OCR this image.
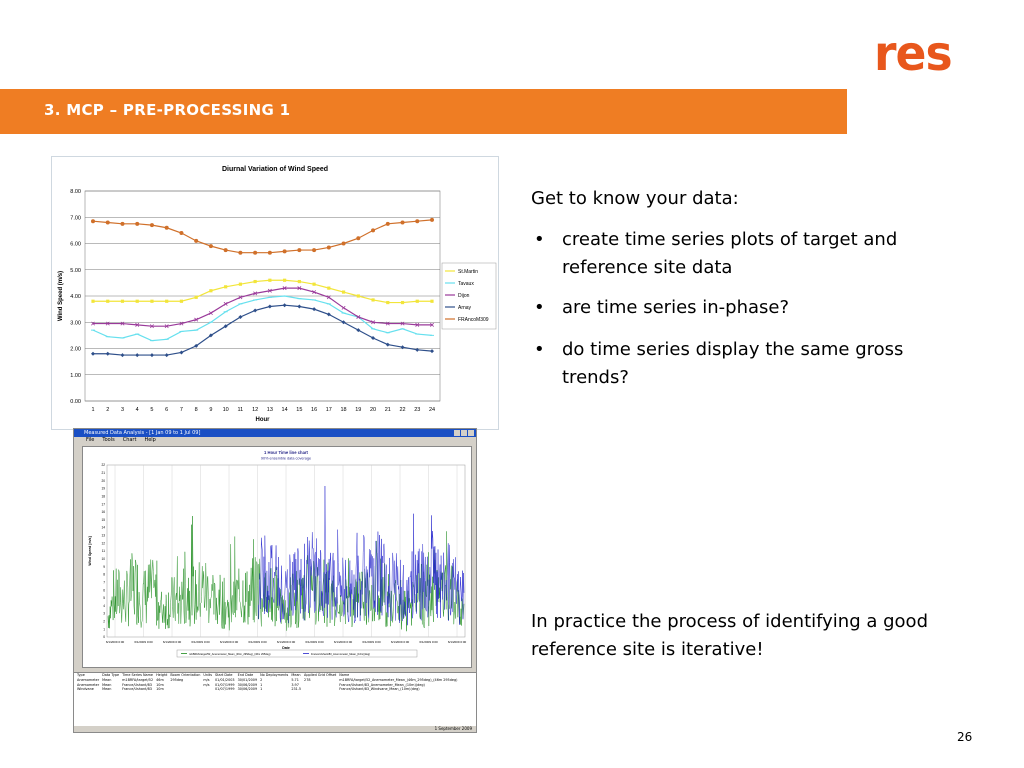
res
3. MCP – PRE-PROCESSING 1
Diurnal Variation of Wind Speed
0.00
1.00
2.00
3.00
4.00
5.00
6.00
7.00
8.00
1 2 3 4 5 6 7 8 9 10 11 12 13 14 15 16 17 18 19 20 21 22 23 24
Hour
Wind Speed (m/s)	St.Martin
Tavaux
Dijon
Arnay
FRAncoM309
Measured Data Analysis - [1 Jan 09 to 1 Jul 09]
File Tools Chart Help
1 Hour Time line chart
90% ensemble data coverage
0
1
2
3
4
5
6
7
8
9
10
11
12
13
14
15
16
17
18
19
20
21
22
6/1/2009 0:00	6/1/2009 0:00	6/1/2009 0:00	6/1/2009 0:00	6/1/2009 0:00	6/1/2009 0:00	6/1/2009 0:00	6/1/2009 0:00	6/1/2009 0:00	6/1/2009 0:00	6/1/2009 0:00	6/1/2009 0:00	6/1/2009 0:00
Date
Wind Speed [m/s]
m1BRFA/target/52_Anemometer_Mean_(46m_295deg)_(46m 295deg)	France/Ushant/83_Anemometer_Mean_(10m)(deg)
Type	Data Type	Time Series Name	Height	Boom Orientation	Units	Start Date	End Date	No Deployments	Mean	Applied Grid Offset	Name
Anemometer	Mean	m1BRFA/target/52	46m	295deg	m/s	01/01/2003	30/01/2009	2	5.71	278	m1BRFA/target/52_Anemometer_Mean_(46m_295deg)_(46m 295deg)
Anemometer	Mean	France/Ushant/83	10m		m/s	01/07/1999	30/06/2009	1	3.97		France/Ushant/83_Anemometer_Mean_(10m)(deg)
Windvane	Mean	France/Ushant/83	10m			01/07/1999	30/06/2009	1	231.5		France/Ushant/83_Windvane_Mean_(10m)(deg)
1 September 2009
Get to know your data:
• create time series plots of target and reference site data
• are time series in-phase?
• do time series display the same gross trends?
In practice the process of identifying a good reference site is iterative!
26
